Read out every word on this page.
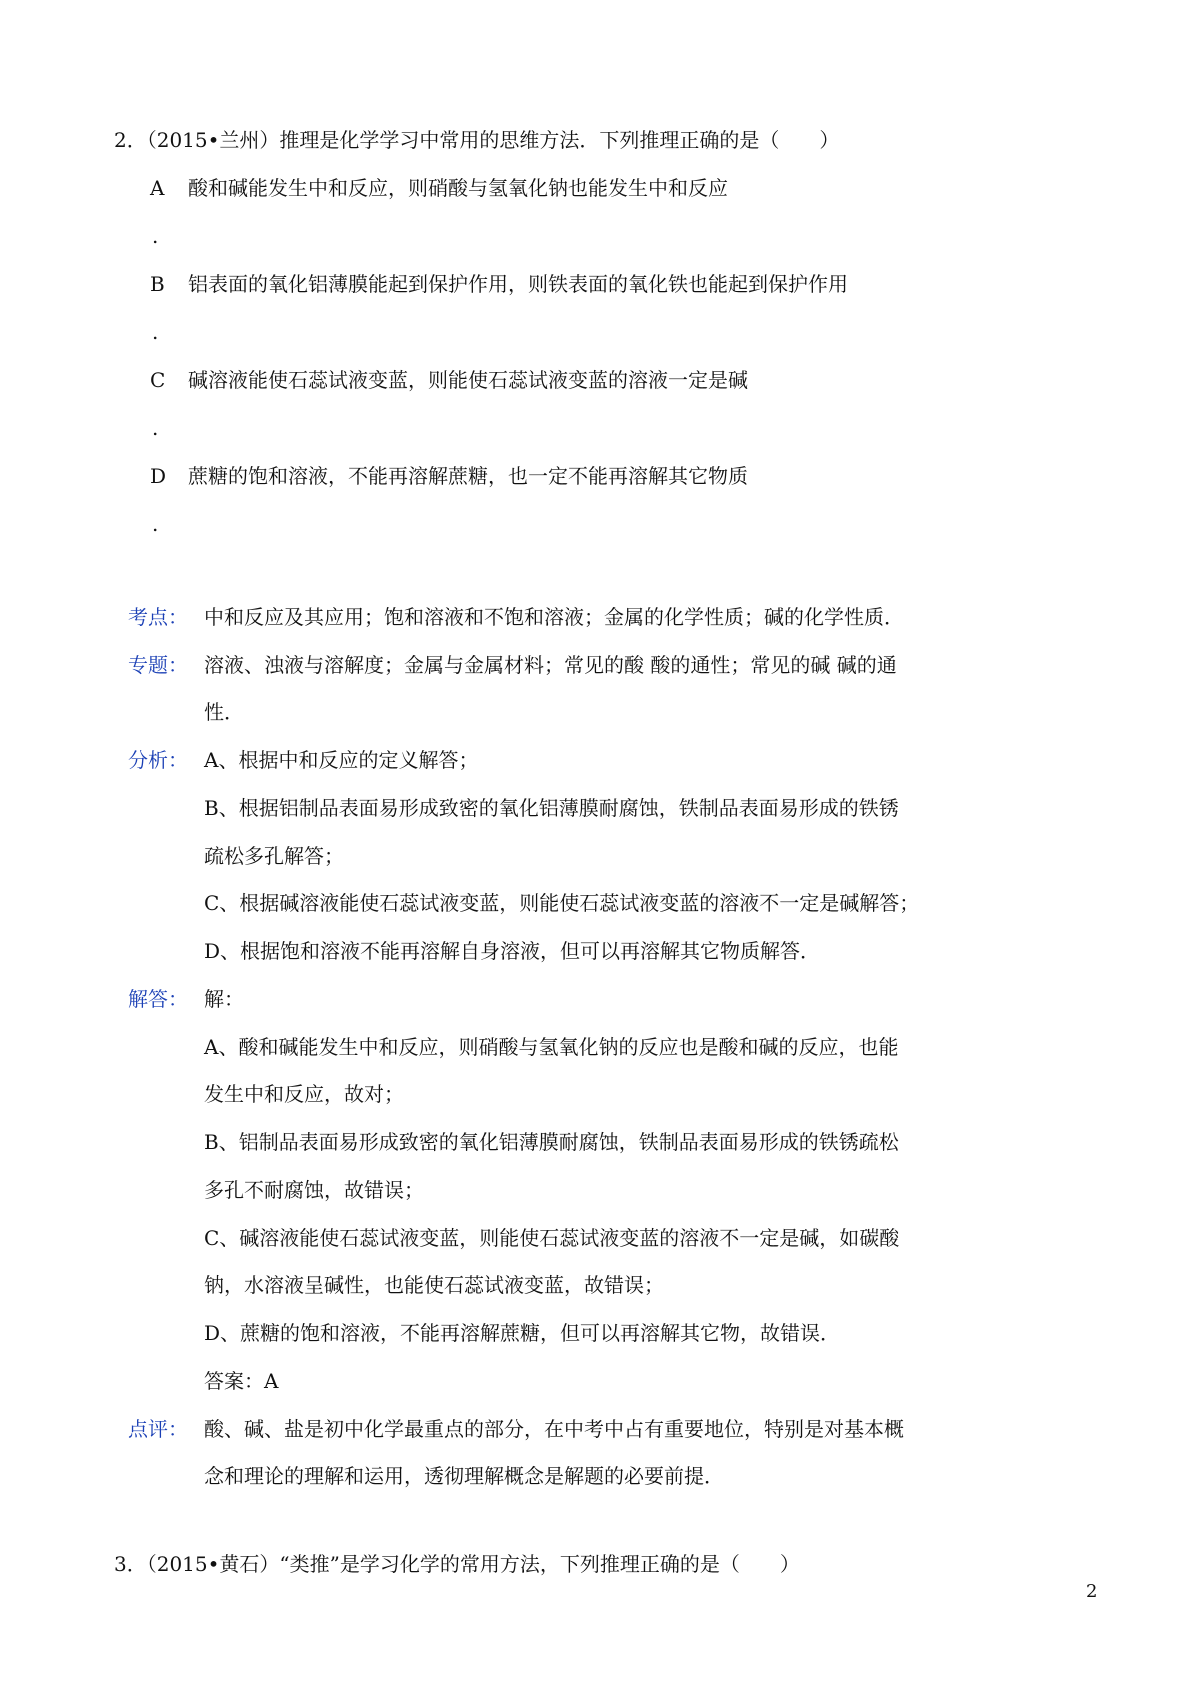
2．（2015•兰州）推理是化学学习中常用的思维方法．下列推理正确的是（　　）
A 酸和碱能发生中和反应，则硝酸与氢氧化钠也能发生中和反应
.
B 铝表面的氧化铝薄膜能起到保护作用，则铁表面的氧化铁也能起到保护作用
.
C 碱溶液能使石蕊试液变蓝，则能使石蕊试液变蓝的溶液一定是碱
.
D 蔗糖的饱和溶液，不能再溶解蔗糖，也一定不能再溶解其它物质
.
考点： 中和反应及其应用；饱和溶液和不饱和溶液；金属的化学性质；碱的化学性质．
专题： 溶液、浊液与溶解度；金属与金属材料；常见的酸 酸的通性；常见的碱 碱的通
性．
分析： A、根据中和反应的定义解答；
B、根据铝制品表面易形成致密的氧化铝薄膜耐腐蚀，铁制品表面易形成的铁锈
疏松多孔解答；
C、根据碱溶液能使石蕊试液变蓝，则能使石蕊试液变蓝的溶液不一定是碱解答；
D、根据饱和溶液不能再溶解自身溶液，但可以再溶解其它物质解答．
解答： 解：
A、酸和碱能发生中和反应，则硝酸与氢氧化钠的反应也是酸和碱的反应，也能
发生中和反应，故对；
B、铝制品表面易形成致密的氧化铝薄膜耐腐蚀，铁制品表面易形成的铁锈疏松
多孔不耐腐蚀，故错误；
C、碱溶液能使石蕊试液变蓝，则能使石蕊试液变蓝的溶液不一定是碱，如碳酸
钠，水溶液呈碱性，也能使石蕊试液变蓝，故错误；
D、蔗糖的饱和溶液，不能再溶解蔗糖，但可以再溶解其它物，故错误．
答案：A
点评： 酸、碱、盐是初中化学最重点的部分，在中考中占有重要地位，特别是对基本概
念和理论的理解和运用，透彻理解概念是解题的必要前提．
3．（2015•黄石）“类推”是学习化学的常用方法，下列推理正确的是（　　）
2
